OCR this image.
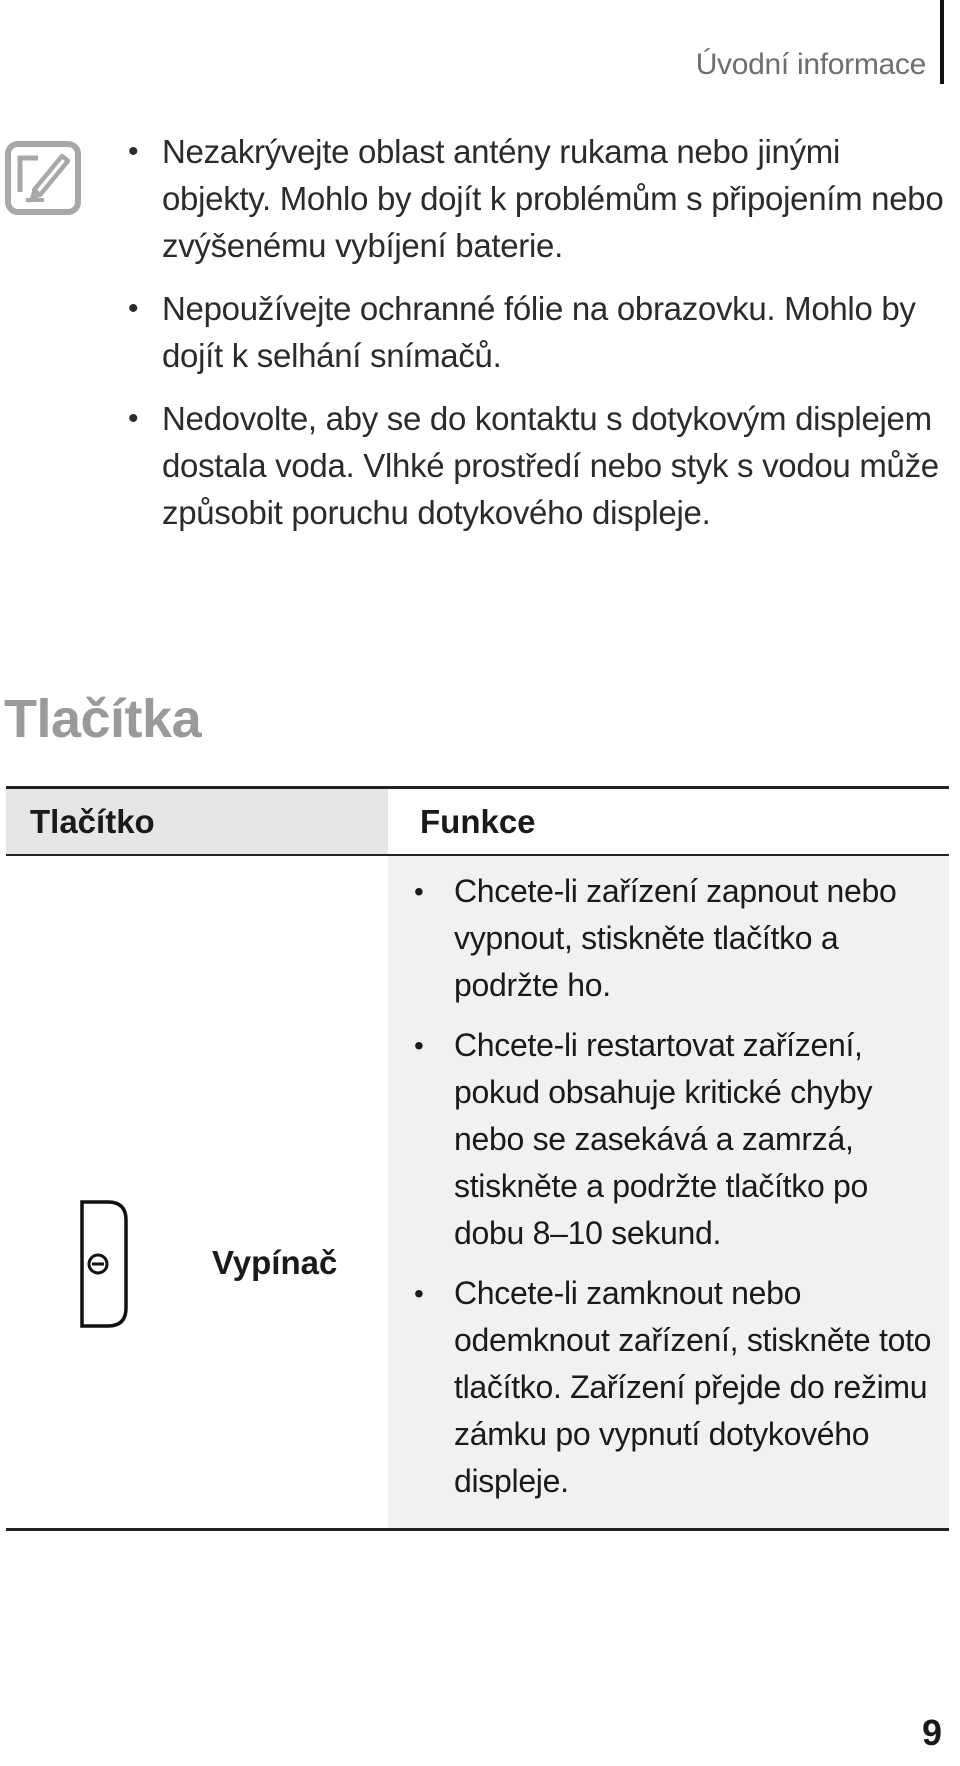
Úvodní informace
• Nezakrývejte oblast antény rukama nebo jinými objekty. Mohlo by dojít k problémům s připojením nebo zvýšenému vybíjení baterie.
• Nepoužívejte ochranné fólie na obrazovku. Mohlo by dojít k selhání snímačů.
• Nedovolte, aby se do kontaktu s dotykovým displejem dostala voda. Vlhké prostředí nebo styk s vodou může způsobit poruchu dotykového displeje.
Tlačítka
Tlačítko	Funkce
Vypínač
• Chcete-li zařízení zapnout nebo vypnout, stiskněte tlačítko a podržte ho.
• Chcete-li restartovat zařízení, pokud obsahuje kritické chyby nebo se zasekává a zamrzá, stiskněte a podržte tlačítko po dobu 8–10 sekund.
• Chcete-li zamknout nebo odemknout zařízení, stiskněte toto tlačítko. Zařízení přejde do režimu zámku po vypnutí dotykového displeje.
9
